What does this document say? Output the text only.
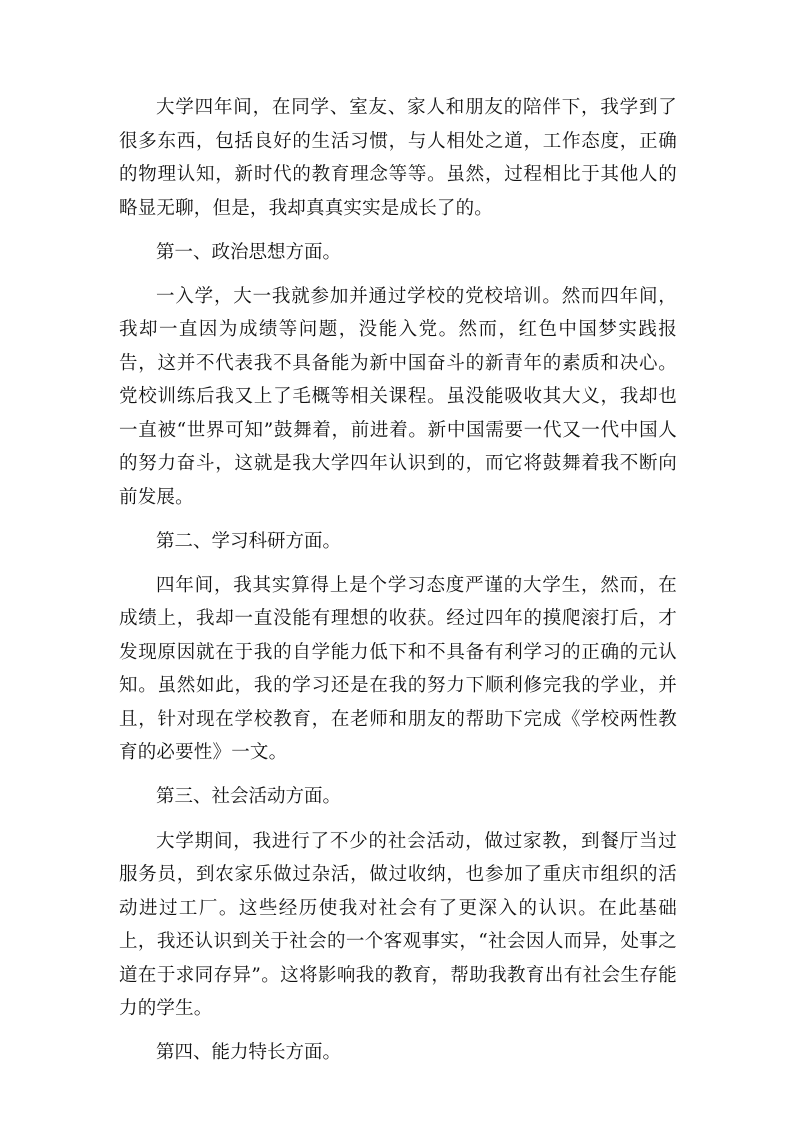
大学四年间，在同学、室友、家人和朋友的陪伴下，我学到了很多东西，包括良好的生活习惯，与人相处之道，工作态度，正确的物理认知，新时代的教育理念等等。虽然，过程相比于其他人的略显无聊，但是，我却真真实实是成长了的。

第一、政治思想方面。

一入学，大一我就参加并通过学校的党校培训。然而四年间，我却一直因为成绩等问题，没能入党。然而，红色中国梦实践报告，这并不代表我不具备能为新中国奋斗的新青年的素质和决心。党校训练后我又上了毛概等相关课程。虽没能吸收其大义，我却也一直被“世界可知”鼓舞着，前进着。新中国需要一代又一代中国人的努力奋斗，这就是我大学四年认识到的，而它将鼓舞着我不断向前发展。

第二、学习科研方面。

四年间，我其实算得上是个学习态度严谨的大学生，然而，在成绩上，我却一直没能有理想的收获。经过四年的摸爬滚打后，才发现原因就在于我的自学能力低下和不具备有利学习的正确的元认知。虽然如此，我的学习还是在我的努力下顺利修完我的学业，并且，针对现在学校教育，在老师和朋友的帮助下完成《学校两性教育的必要性》一文。

第三、社会活动方面。

大学期间，我进行了不少的社会活动，做过家教，到餐厅当过服务员，到农家乐做过杂活，做过收纳，也参加了重庆市组织的活动进过工厂。这些经历使我对社会有了更深入的认识。在此基础上，我还认识到关于社会的一个客观事实，“社会因人而异，处事之道在于求同存异”。这将影响我的教育，帮助我教育出有社会生存能力的学生。

第四、能力特长方面。
